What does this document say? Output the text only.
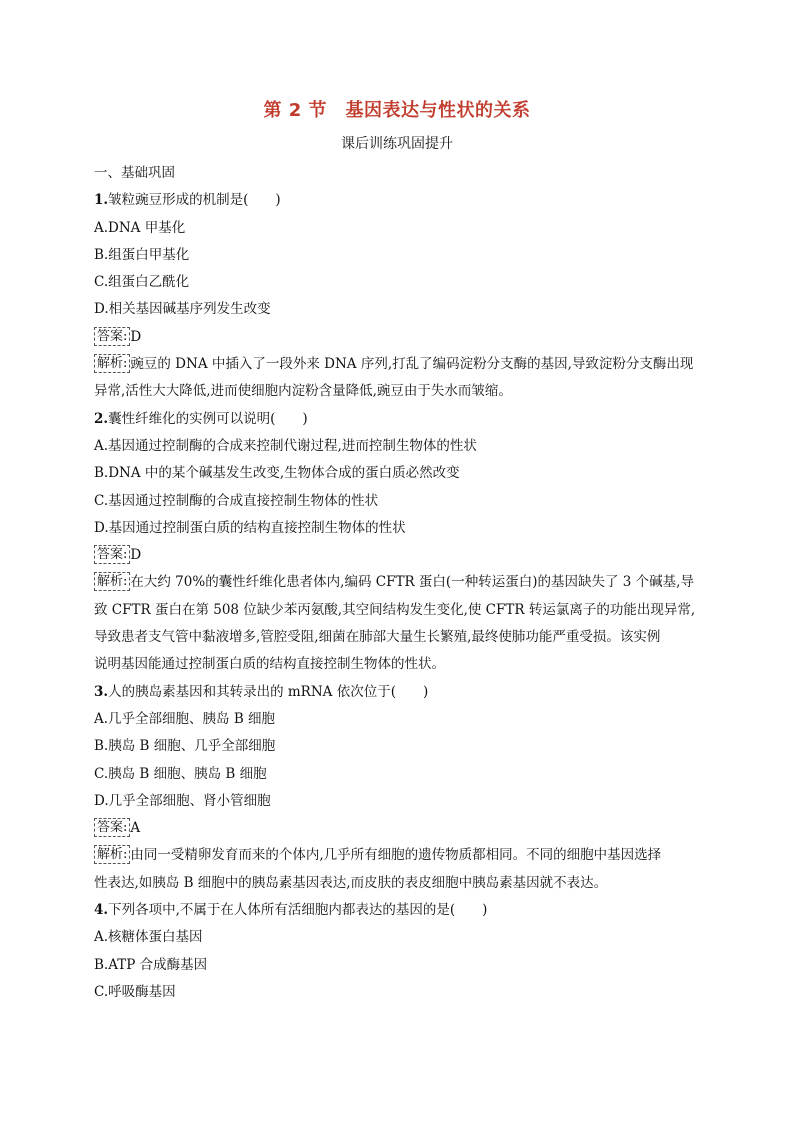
第 2 节　基因表达与性状的关系
课后训练巩固提升
一、基础巩固
1.皱粒豌豆形成的机制是(　　)
A.DNA 甲基化
B.组蛋白甲基化
C.组蛋白乙酰化
D.相关基因碱基序列发生改变
答案: D
解析: 豌豆的 DNA 中插入了一段外来 DNA 序列,打乱了编码淀粉分支酶的基因,导致淀粉分支酶出现
异常,活性大大降低,进而使细胞内淀粉含量降低,豌豆由于失水而皱缩。
2.囊性纤维化的实例可以说明(　　)
A.基因通过控制酶的合成来控制代谢过程,进而控制生物体的性状
B.DNA 中的某个碱基发生改变,生物体合成的蛋白质必然改变
C.基因通过控制酶的合成直接控制生物体的性状
D.基因通过控制蛋白质的结构直接控制生物体的性状
答案: D
解析: 在大约 70%的囊性纤维化患者体内,编码 CFTR 蛋白(一种转运蛋白)的基因缺失了 3 个碱基,导
致 CFTR 蛋白在第 508 位缺少苯丙氨酸,其空间结构发生变化,使 CFTR 转运氯离子的功能出现异常,
导致患者支气管中黏液增多,管腔受阻,细菌在肺部大量生长繁殖,最终使肺功能严重受损。该实例
说明基因能通过控制蛋白质的结构直接控制生物体的性状。
3.人的胰岛素基因和其转录出的 mRNA 依次位于(　　)
A.几乎全部细胞、胰岛 B 细胞
B.胰岛 B 细胞、几乎全部细胞
C.胰岛 B 细胞、胰岛 B 细胞
D.几乎全部细胞、肾小管细胞
答案: A
解析: 由同一受精卵发育而来的个体内,几乎所有细胞的遗传物质都相同。不同的细胞中基因选择
性表达,如胰岛 B 细胞中的胰岛素基因表达,而皮肤的表皮细胞中胰岛素基因就不表达。
4.下列各项中,不属于在人体所有活细胞内都表达的基因的是(　　)
A.核糖体蛋白基因
B.ATP 合成酶基因
C.呼吸酶基因
